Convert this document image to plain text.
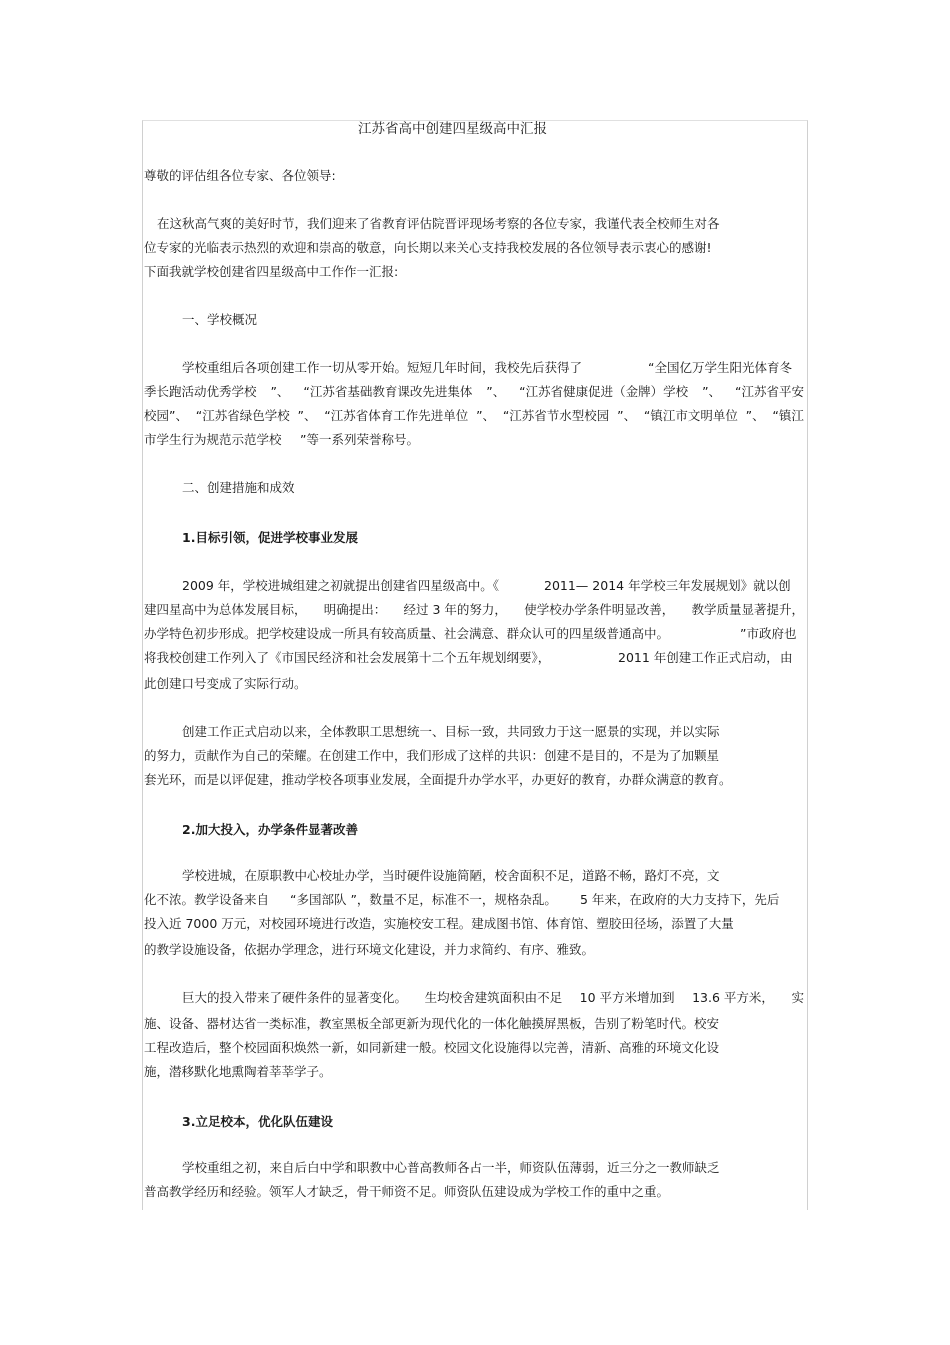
江苏省高中创建四星级高中汇报
尊敬的评估组各位专家、各位领导:
在这秋高气爽的美好时节，我们迎来了省教育评估院晋评现场考察的各位专家，我谨代表全校师生对各
位专家的光临表示热烈的欢迎和崇高的敬意，向长期以来关心支持我校发展的各位领导表示衷心的感谢!
下面我就学校创建省四星级高中工作作一汇报:
一、学校概况
学校重组后各项创建工作一切从零开始。短短几年时间，我校先后获得了	“全国亿万学生阳光体育冬
季长跑活动优秀学校 ”、 “江苏省基础教育课改先进集体 ”、 “江苏省健康促进（金牌）学校 ”、 “江苏省平安
校园”、 “江苏省绿色学校 ”、 “江苏省体育工作先进单位 ”、 “江苏省节水型校园 ”、 “镇江市文明单位 ”、 “镇江
市学生行为规范示范学校 ”等一系列荣誉称号。
二、创建措施和成效
1.目标引领，促进学校事业发展
2009 年，学校进城组建之初就提出创建省四星级高中。《	2011— 2014 年学校三年发展规划》就以创
建四星高中为总体发展目标， 明确提出： 经过 3 年的努力， 使学校办学条件明显改善， 教学质量显著提升，
办学特色初步形成。把学校建设成一所具有较高质量、社会满意、群众认可的四星级普通高中。	”市政府也
将我校创建工作列入了《市国民经济和社会发展第十二个五年规划纲要》，	2011 年创建工作正式启动， 由
此创建口号变成了实际行动。
创建工作正式启动以来，全体教职工思想统一、目标一致，共同致力于这一愿景的实现，并以实际
的努力，贡献作为自己的荣耀。在创建工作中，我们形成了这样的共识：创建不是目的，不是为了加颗星
套光环，而是以评促建，推动学校各项事业发展，全面提升办学水平，办更好的教育，办群众满意的教育。
2.加大投入，办学条件显著改善
学校进城，在原职教中心校址办学，当时硬件设施简陋，校舍面积不足，道路不畅，路灯不亮，文
化不浓。教学设备来自 “多国部队 ”，数量不足，标准不一，规格杂乱。 5 年来，在政府的大力支持下，先后
投入近 7000 万元，对校园环境进行改造，实施校安工程。建成图书馆、体育馆、塑胶田径场，添置了大量
的教学设施设备，依据办学理念，进行环境文化建设，并力求简约、有序、雅致。
巨大的投入带来了硬件条件的显著变化。 生均校舍建筑面积由不足 10 平方米增加到 13.6 平方米， 实
施、设备、器材达省一类标准，教室黑板全部更新为现代化的一体化触摸屏黑板，告别了粉笔时代。校安
工程改造后，整个校园面积焕然一新，如同新建一般。校园文化设施得以完善，清新、高雅的环境文化设
施，潜移默化地熏陶着莘莘学子。
3.立足校本，优化队伍建设
学校重组之初，来自后白中学和职教中心普高教师各占一半，师资队伍薄弱，近三分之一教师缺乏
普高教学经历和经验。领军人才缺乏，骨干师资不足。师资队伍建设成为学校工作的重中之重。
